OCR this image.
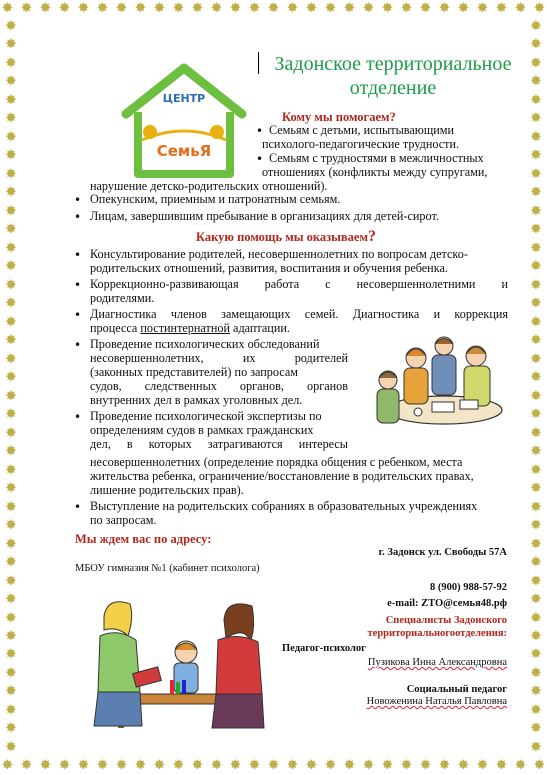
✵ ✵ ✵ ✵ ✵ ✵ ✵ ✵ ✵ ✵ ✵ ✵ ✵ ✵ ✵ ✵ ✵ ✵ ✵ ✵ ✵ ✵ ✵ ✵ ✵ ✵ ✵ ✵ ✵
✵ ✵ ✵ ✵ ✵ ✵ ✵ ✵ ✵ ✵ ✵ ✵ ✵ ✵ ✵ ✵ ✵ ✵ ✵ ✵ ✵ ✵ ✵ ✵ ✵ ✵ ✵ ✵ ✵
✵
✵
✵
✵
✵
✵
✵
✵
✵
✵
✵
✵
✵
✵
✵
✵
✵
✵
✵
✵
✵
✵
✵
✵
✵
✵
✵
✵
✵
✵
✵
✵
✵
✵
✵
✵
✵
✵
✵
✵
✵
✵
✵
✵
✵
✵
✵
✵
✵
✵
✵
✵
✵
✵
✵
✵
✵
✵
✵
✵
✵
✵
✵
✵
✵
✵
✵
✵
✵
✵
✵
✵
✵
✵
✵
✵
✵
✵
✵
✵
Задонское территориальное
отделение
ЦЕНТР
СемьЯ
Кому мы помогаем?
• Семьям с детьми, испытывающими
психолого-педагогические трудности.
• Семьям с трудностями в межличностных
отношениях (конфликты между супругами,
нарушение детско-родительских отношений).
• Опекунским, приемным и патронатным семьям.
• Лицам, завершившим пребывание в организациях для детей-сирот.
Какую помощь мы оказываем?
• Консультирование родителей, несовершеннолетних по вопросам детско-
родительских отношений, развития, воспитания и обучения ребенка.
• Коррекционно-развивающая работа с несовершеннолетними и
родителями.
• Диагностика членов замещающих семей. Диагностика и коррекция
процесса постинтернатной адаптации.
• Проведение психологических обследований
несовершеннолетних, их родителей
(законных представителей) по запросам
судов, следственных органов, органов
внутренних дел в рамках уголовных дел.
• Проведение психологической экспертизы по
определениям судов в рамках гражданских
дел, в которых затрагиваются интересы
несовершеннолетних (определение порядка общения с ребенком, места
жительства ребенка, ограничение/восстановление в родительских правах,
лишение родительских прав).
• Выступление на родительских собраниях в образовательных учреждениях
по запросам.
Мы ждем вас по адресу:
г. Задонск ул. Свободы 57А
МБОУ гимназия №1 (кабинет психолога)
8 (900) 988-57-92
e-mail: ZTO@семья48.рф
Специалисты Задонского
территориальногоотделения:
Педагог-психолог
Пузикова Инна Александровна
Социальный педагог
Новоженина Наталья Павловна
